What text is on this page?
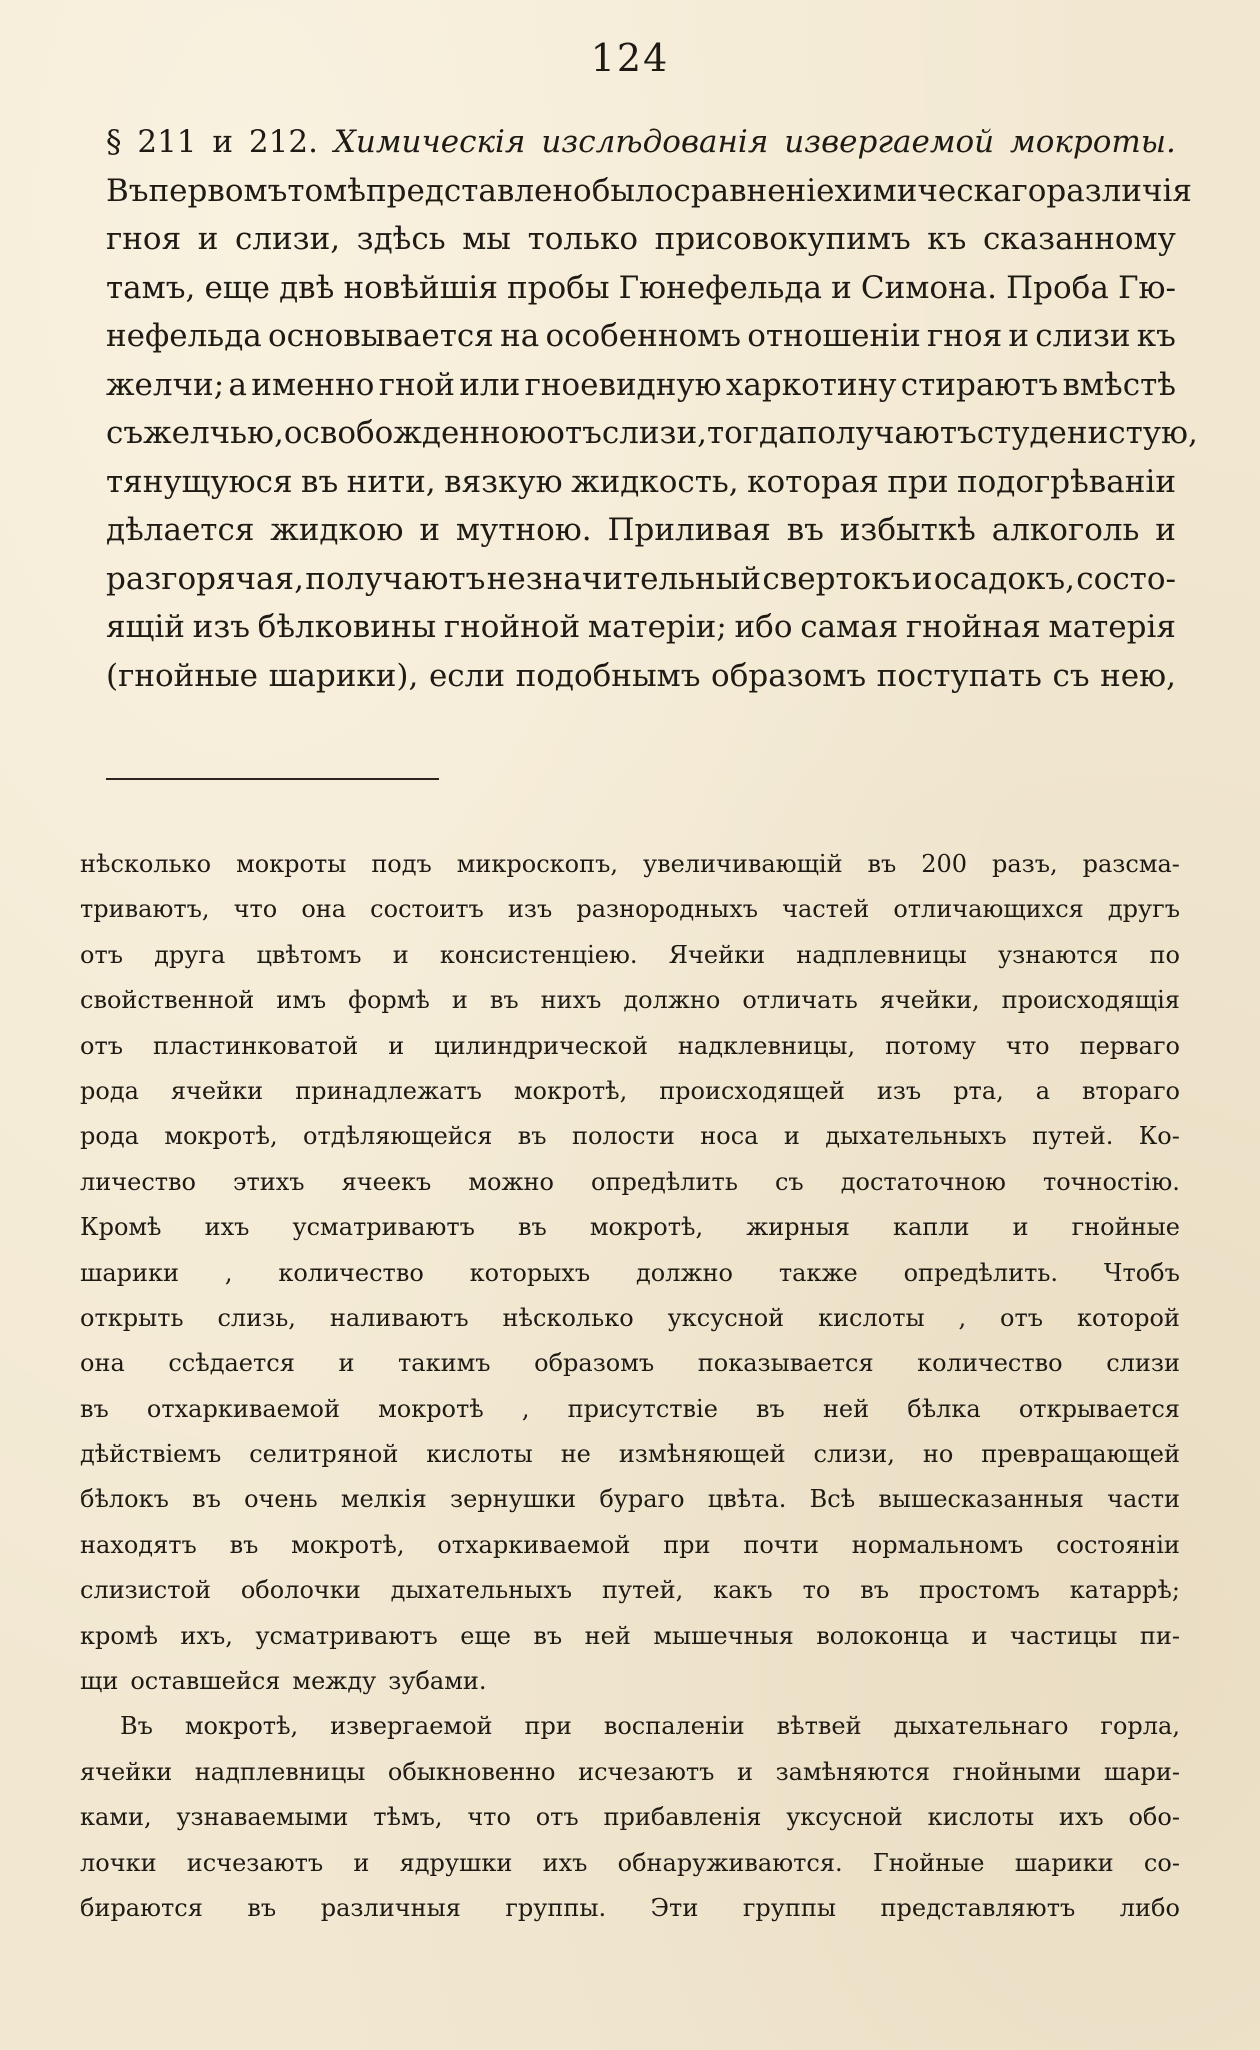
124
§ 211 и 212. Химическія изслѣдованія извергаемой мокроты.
Въ первомъ томѣ представлено было сравненіе химическаго различія
гноя и слизи, здѣсь мы только присовокупимъ къ сказанному
тамъ, еще двѣ новѣйшія пробы Гюнефельда и Симона. Проба Гю-
нефельда основывается на особенномъ отношеніи гноя и слизи къ
желчи; а именно гной или гноевидную харкотину стираютъ вмѣстѣ
съ желчью, освобожденною отъ слизи, тогда получаютъ студенистую,
тянущуюся въ нити, вязкую жидкость, которая при подогрѣваніи
дѣлается жидкою и мутною. Приливая въ избыткѣ алкоголь и
разгорячая, получаютъ незначительный свертокъ и осадокъ, состо-
ящій изъ бѣлковины гнойной матеріи; ибо самая гнойная матерія
(гнойные шарики), если подобнымъ образомъ поступать съ нею,
нѣсколько мокроты подъ микроскопъ, увеличивающій въ 200 разъ, разсма-
триваютъ, что она состоитъ изъ разнородныхъ частей отличающихся другъ
отъ друга цвѣтомъ и консистенціею. Ячейки надплевницы узнаются по
свойственной имъ формѣ и въ нихъ должно отличать ячейки, происходящія
отъ пластинковатой и цилиндрической надклевницы, потому что перваго
рода ячейки принадлежатъ мокротѣ, происходящей изъ рта, а втораго
рода мокротѣ, отдѣляющейся въ полости носа и дыхательныхъ путей. Ко-
личество этихъ ячеекъ можно опредѣлить съ достаточною точностію.
Кромѣ ихъ усматриваютъ въ мокротѣ, жирныя капли и гнойные
шарики , количество которыхъ должно также опредѣлить. Чтобъ
открыть слизь, наливаютъ нѣсколько уксусной кислоты , отъ которой
она ссѣдается и такимъ образомъ показывается количество слизи
въ отхаркиваемой мокротѣ , присутствіе въ ней бѣлка открывается
дѣйствіемъ селитряной кислоты не измѣняющей слизи, но превращающей
бѣлокъ въ очень мелкія зернушки бураго цвѣта. Всѣ вышесказанныя части
находятъ въ мокротѣ, отхаркиваемой при почти нормальномъ состояніи
слизистой оболочки дыхательныхъ путей, какъ то въ простомъ катаррѣ;
кромѣ ихъ, усматриваютъ еще въ ней мышечныя волоконца и частицы пи-
щи оставшейся между зубами.
Въ мокротѣ, извергаемой при воспаленіи вѣтвей дыхательнаго горла,
ячейки надплевницы обыкновенно исчезаютъ и замѣняются гнойными шари-
ками, узнаваемыми тѣмъ, что отъ прибавленія уксусной кислоты ихъ обо-
лочки исчезаютъ и ядрушки ихъ обнаруживаются. Гнойные шарики со-
бираются въ различныя группы. Эти группы представляютъ либо
